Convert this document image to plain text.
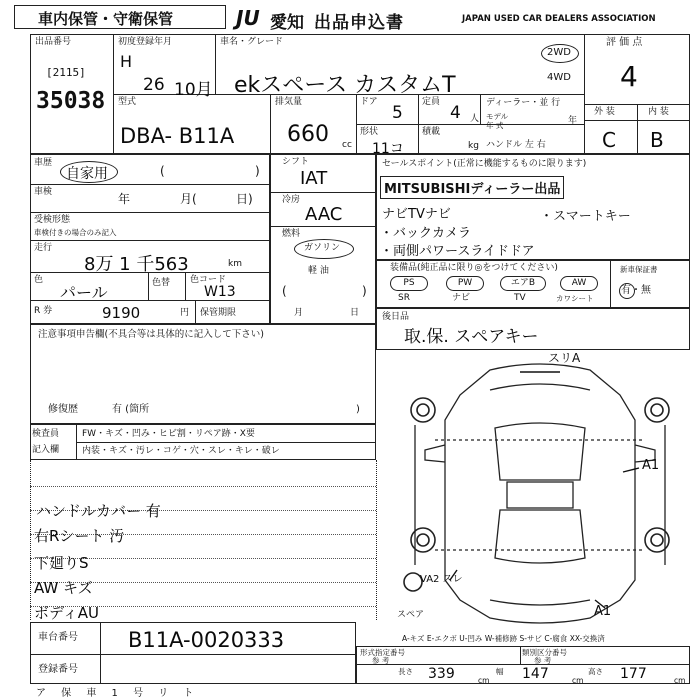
車内保管・守衛保管	JU 愛知 出品申込書	JAPAN USED CAR DEALERS ASSOCIATION
出品番号
[2115]
35038
初度登録年月
H
26 10月
車名・グレード
ekスペース カスタムT
2WD
4WD
評 価 点
4
外 装	内 装
C B
型式
DBA- B11A
排気量
660 cc
ドア
5
定員
4 人
ディーラー・並 行
モデル
年 式	年
形状
11コ
積載
kg ハンドル 左 右
車歴
自家用	(	)
車検	年	月(	日)
受検形態
車検付きの場合のみ記入
走行
8万 1 千563	km
色
パール	色替 色コード
W13
R 券	9190	円 保管期限
シフト
IAT
冷房
AAC
燃料
ガソリン
軽 油
(	)
月	日
セールスポイント(正常に機能するものに限ります)
MITSUBISHIディーラー出品
ナビTVナビ	・スマートキー
・バックカメラ
・両側パワースライドドア
装備品(純正品に限り◎をつけてください)
PS	PW	エアB	AW
SR	ナビ	TV	カワシート
新車保証書
有・無
後日品
取.保. スペアキー
注意事項申告欄(不具合等は具体的に記入して下さい)
修復歴	有 (箇所	)
検査員
記入欄
FW・キズ・凹み・ヒビ割・リペア跡・X要
内装・キズ・汚レ・コゲ・穴・スレ・キレ・破レ
ハンドルカバー 有
右Rシート 汚
下廻りS
AW キズ
ボディAU
スリA
A1
VA2 スレ
A1
スペア
A-キズ E-エクボ U-凹み W-補修跡 S-サビ C-腐食 XX-交換済
車台番号 B11A-0020333
登録番号
形式指定番号
参 考
類別区分番号
参 考
長さ 339	cm
幅 147	cm
高さ 177	cm
ア 保 車 1 号 リ ト
